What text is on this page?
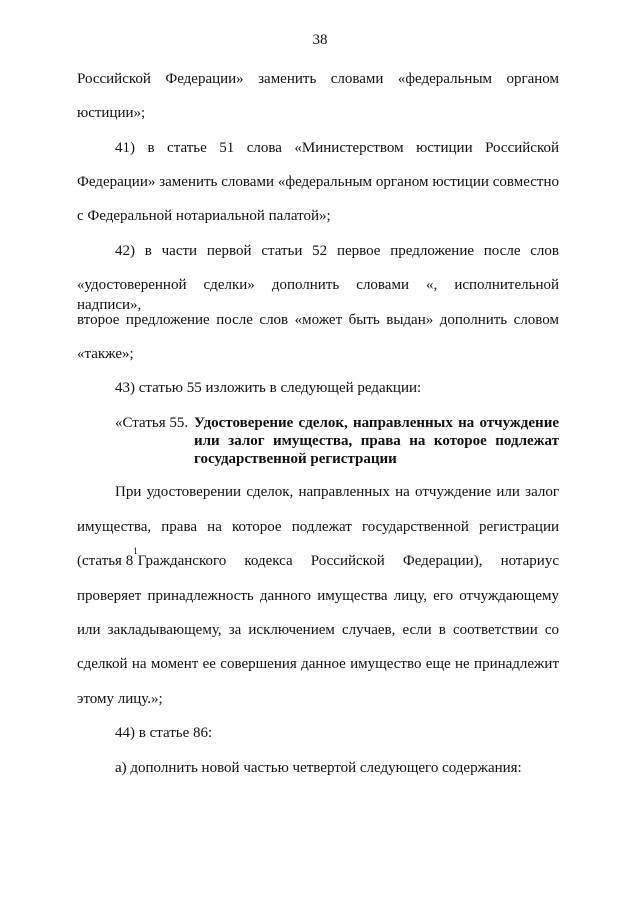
38
Российской Федерации» заменить словами «федеральным органом
юстиции»;
41) в статье 51 слова «Министерством юстиции Российской
Федерации» заменить словами «федеральным органом юстиции совместно
с Федеральной нотариальной палатой»;
42) в части первой статьи 52 первое предложение после слов
«удостоверенной сделки» дополнить словами «, исполнительной надписи»,
второе предложение после слов «может быть выдан» дополнить словом
«также»;
43) статью 55 изложить в следующей редакции:
«Статья 55. Удостоверение сделок, направленных на отчуждение
или залог имущества, права на которое подлежат
государственной регистрации
При удостоверении сделок, направленных на отчуждение или залог
имущества, права на которое подлежат государственной регистрации
(статья 8
1
Гражданского кодекса Российской Федерации), нотариус
проверяет принадлежность данного имущества лицу, его отчуждающему
или закладывающему, за исключением случаев, если в соответствии со
сделкой на момент ее совершения данное имущество еще не принадлежит
этому лицу.»;
44) в статье 86:
а) дополнить новой частью четвертой следующего содержания:
